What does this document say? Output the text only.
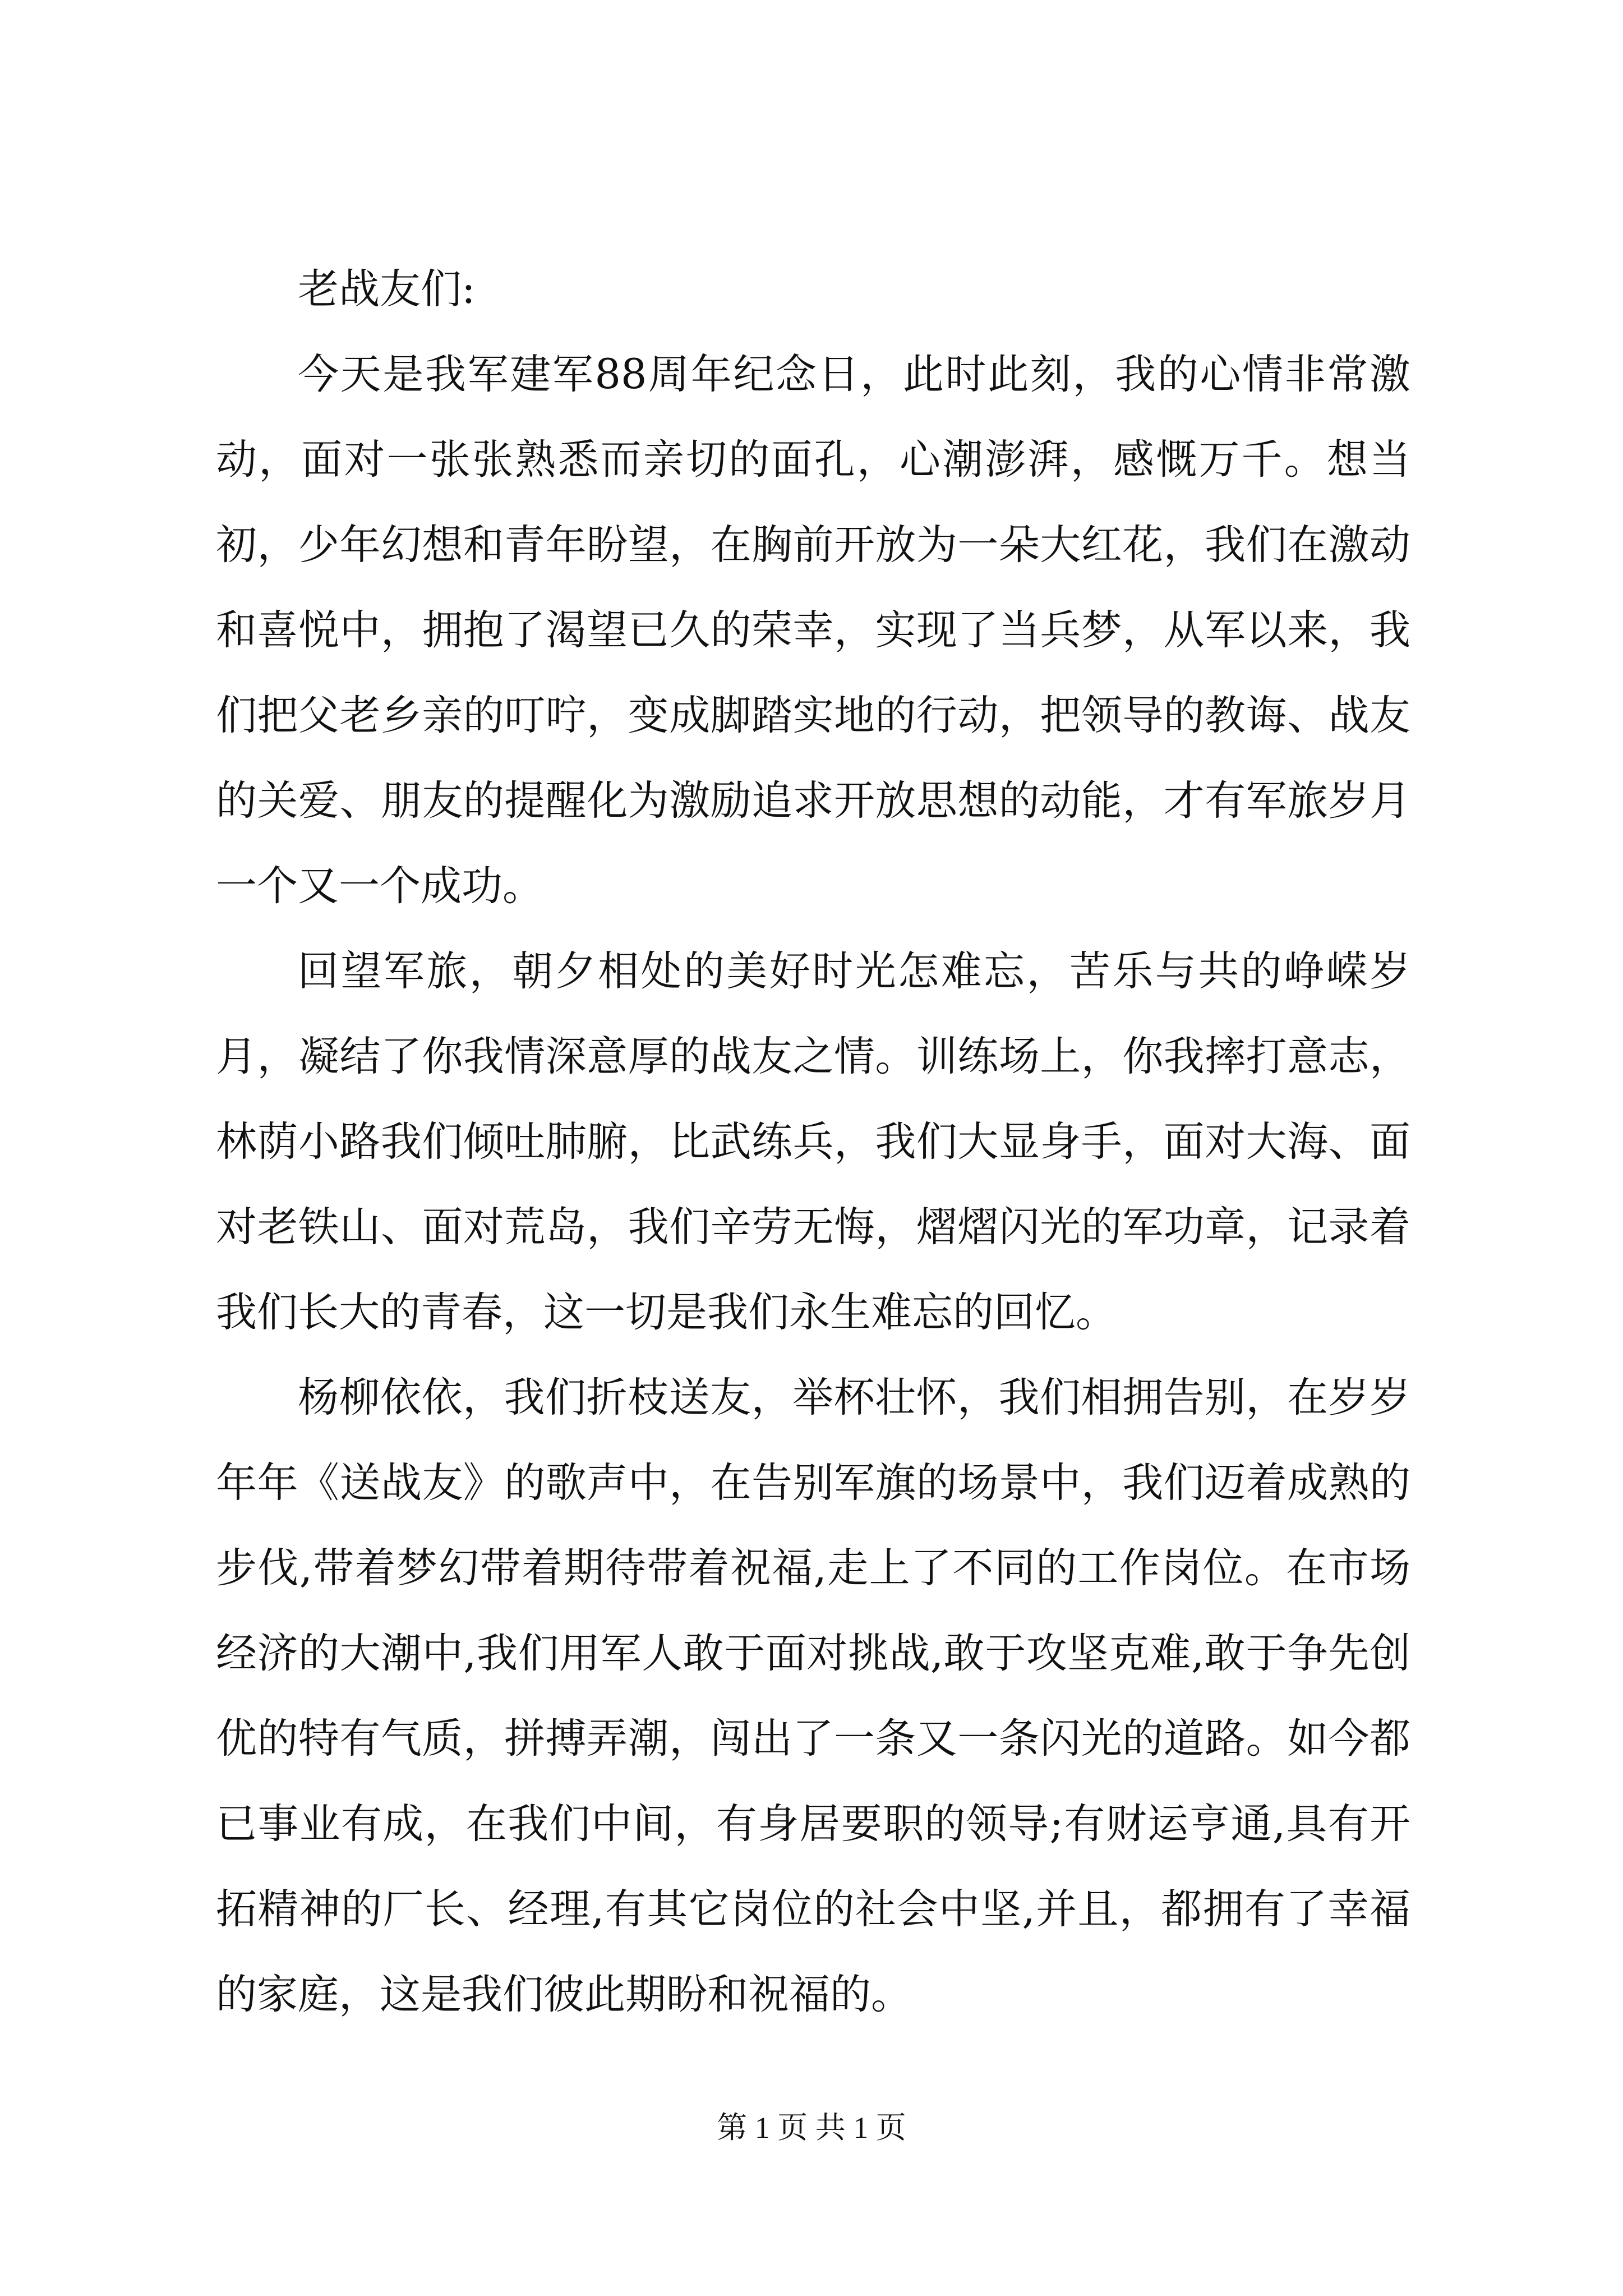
老战友们:

今天是我军建军88周年纪念日，此时此刻，我的心情非常激动，面对一张张熟悉而亲切的面孔，心潮澎湃，感慨万千。想当初，少年幻想和青年盼望，在胸前开放为一朵大红花，我们在激动和喜悦中，拥抱了渴望已久的荣幸，实现了当兵梦，从军以来，我们把父老乡亲的叮咛，变成脚踏实地的行动，把领导的教诲、战友的关爱、朋友的提醒化为激励追求开放思想的动能，才有军旅岁月一个又一个成功。

回望军旅，朝夕相处的美好时光怎难忘，苦乐与共的峥嵘岁月，凝结了你我情深意厚的战友之情。训练场上，你我摔打意志，林荫小路我们倾吐肺腑，比武练兵，我们大显身手，面对大海、面对老铁山、面对荒岛，我们辛劳无悔，熠熠闪光的军功章，记录着我们长大的青春，这一切是我们永生难忘的回忆。

杨柳依依，我们折枝送友，举杯壮怀，我们相拥告别，在岁岁年年《送战友》的歌声中，在告别军旗的场景中，我们迈着成熟的步伐,带着梦幻带着期待带着祝福,走上了不同的工作岗位。在市场经济的大潮中,我们用军人敢于面对挑战,敢于攻坚克难,敢于争先创优的特有气质，拼搏弄潮，闯出了一条又一条闪光的道路。如今都已事业有成，在我们中间，有身居要职的领导;有财运亨通,具有开拓精神的厂长、经理,有其它岗位的社会中坚,并且，都拥有了幸福的家庭，这是我们彼此期盼和祝福的。

第 1 页 共 1 页
